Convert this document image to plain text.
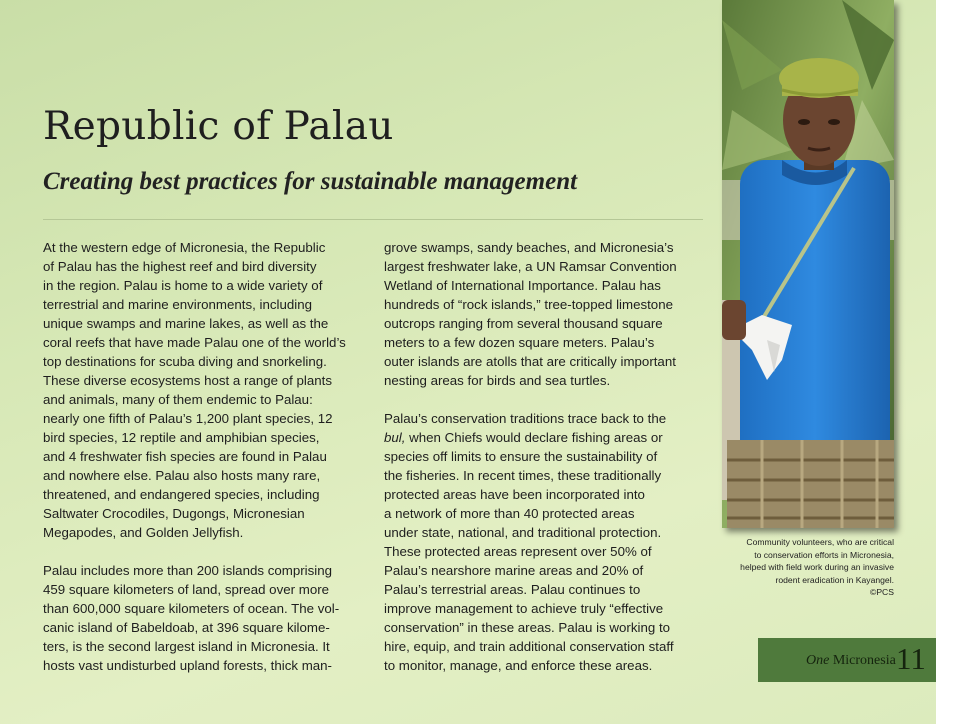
Republic of Palau
Creating best practices for sustainable management
At the western edge of Micronesia, the Republic
of Palau has the highest reef and bird diversity
in the region. Palau is home to a wide variety of
terrestrial and marine environments, including
unique swamps and marine lakes, as well as the
coral reefs that have made Palau one of the world’s
top destinations for scuba diving and snorkeling.
These diverse ecosystems host a range of plants
and animals, many of them endemic to Palau:
nearly one fifth of Palau’s 1,200 plant species, 12
bird species, 12 reptile and amphibian species,
and 4 freshwater fish species are found in Palau
and nowhere else. Palau also hosts many rare,
threatened, and endangered species, including
Saltwater Crocodiles, Dugongs, Micronesian
Megapodes, and Golden Jellyfish.
Palau includes more than 200 islands comprising
459 square kilometers of land, spread over more
than 600,000 square kilometers of ocean. The vol-
canic island of Babeldoab, at 396 square kilome-
ters, is the second largest island in Micronesia. It
hosts vast undisturbed upland forests, thick man-
grove swamps, sandy beaches, and Micronesia’s
largest freshwater lake, a UN Ramsar Convention
Wetland of International Importance. Palau has
hundreds of “rock islands,” tree-topped limestone
outcrops ranging from several thousand square
meters to a few dozen square meters. Palau’s
outer islands are atolls that are critically important
nesting areas for birds and sea turtles.
Palau’s conservation traditions trace back to the
bul, when Chiefs would declare fishing areas or
species off limits to ensure the sustainability of
the fisheries. In recent times, these traditionally
protected areas have been incorporated into
a network of more than 40 protected areas
under state, national, and traditional protection.
These protected areas represent over 50% of
Palau’s nearshore marine areas and 20% of
Palau’s terrestrial areas. Palau continues to
improve management to achieve truly “effective
conservation” in these areas. Palau is working to
hire, equip, and train additional conservation staff
to monitor, manage, and enforce these areas.
Community volunteers, who are critical
to conservation efforts in Micronesia,
helped with field work during an invasive
rodent eradication in Kayangel.
©PCS
One Micronesia 11
